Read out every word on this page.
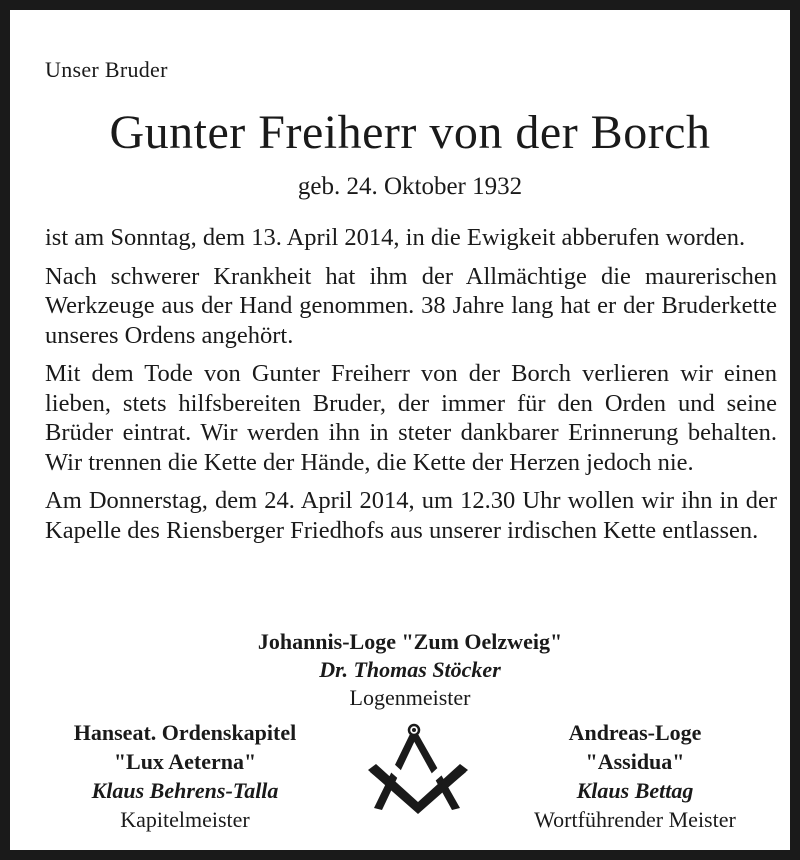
Unser Bruder
Gunter Freiherr von der Borch
geb. 24. Oktober 1932

ist am Sonntag, dem 13. April 2014, in die Ewigkeit abberufen worden.

Nach schwerer Krankheit hat ihm der Allmächtige die maurerischen Werkzeuge aus der Hand genommen. 38 Jahre lang hat er der Bruderkette unseres Ordens angehört.

Mit dem Tode von Gunter Freiherr von der Borch verlieren wir einen lieben, stets hilfsbereiten Bruder, der immer für den Orden und seine Brüder eintrat. Wir werden ihn in steter dankbarer Erinnerung behalten. Wir trennen die Kette der Hände, die Kette der Herzen jedoch nie.

Am Donnerstag, dem 24. April 2014, um 12.30 Uhr wollen wir ihn in der Kapelle des Riensberger Friedhofs aus unserer irdischen Kette entlassen.

Johannis-Loge "Zum Oelzweig"
Dr. Thomas Stöcker
Logenmeister
Hanseat. Ordenskapitel
"Lux Aeterna"
Klaus Behrens-Talla
Kapitelmeister
Andreas-Loge
"Assidua"
Klaus Bettag
Wortführender Meister
